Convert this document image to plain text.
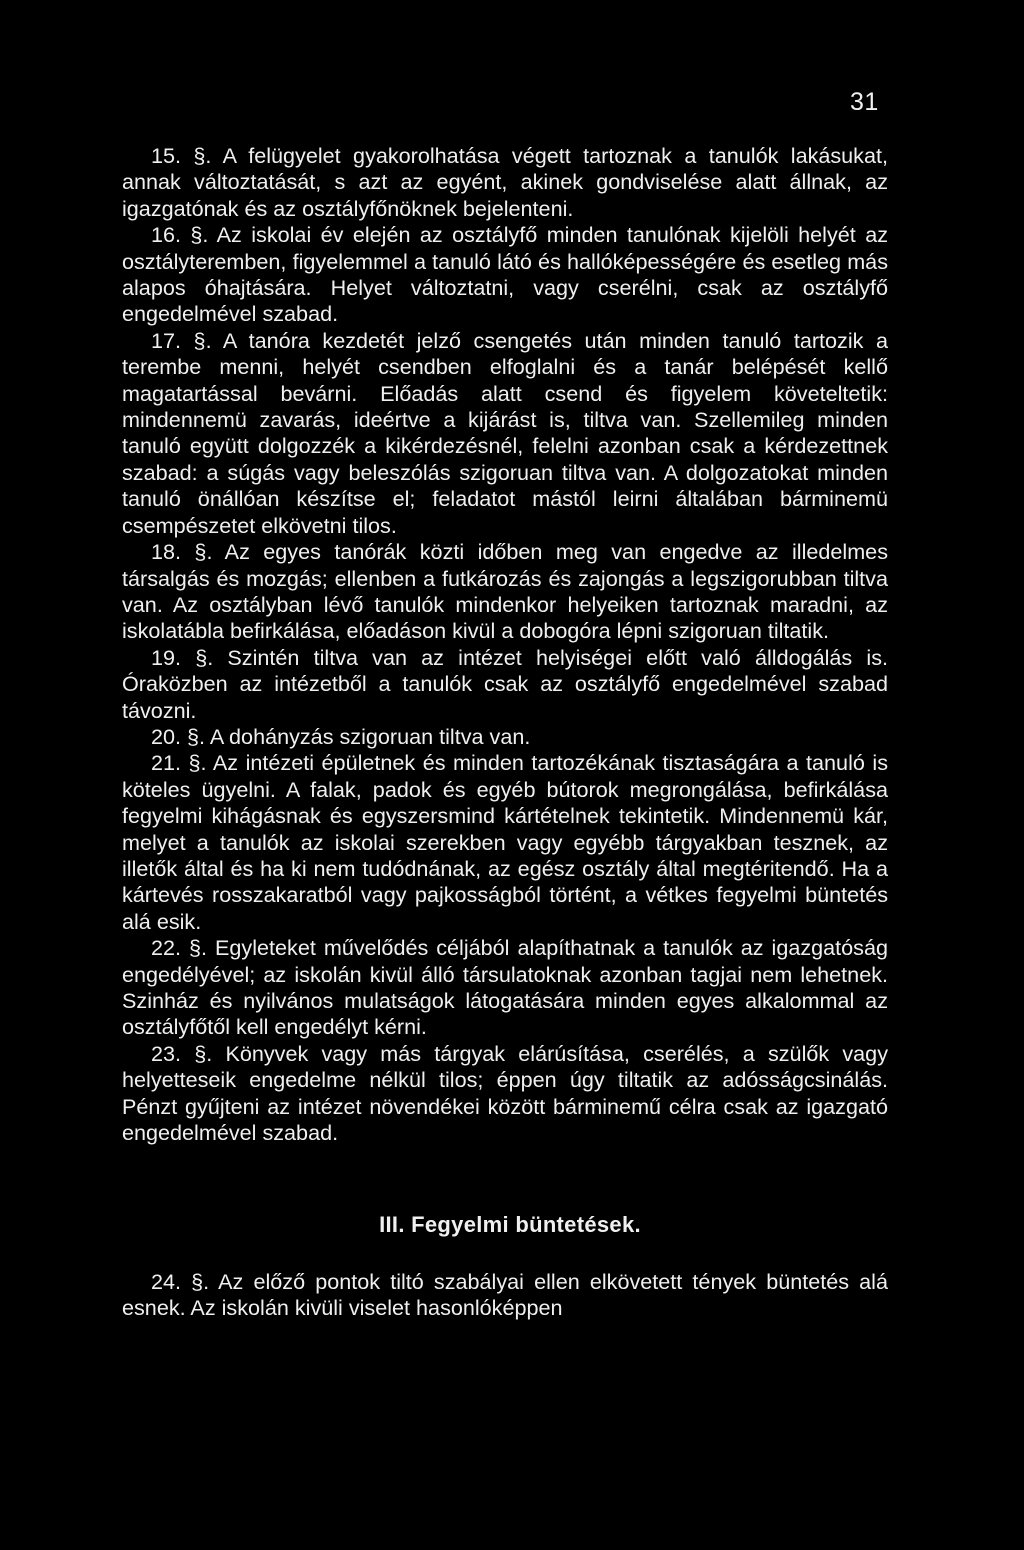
31

15. §. A felügyelet gyakorolhatása végett tartoznak a tanulók lakásukat, annak változtatását, s azt az egyént, akinek gondviselése alatt állnak, az igazgatónak és az osztályfőnöknek bejelenteni.

16. §. Az iskolai év elején az osztályfő minden tanulónak kijelöli helyét az osztályteremben, figyelemmel a tanuló látó és hallóképességére és esetleg más alapos óhajtására. Helyet változtatni, vagy cserélni, csak az osztályfő engedelmével szabad.

17. §. A tanóra kezdetét jelző csengetés után minden tanuló tartozik a terembe menni, helyét csendben elfoglalni és a tanár belépését kellő magatartással bevárni. Előadás alatt csend és figyelem követeltetik: mindennemü zavarás, ideértve a kijárást is, tiltva van. Szellemileg minden tanuló együtt dolgozzék a kikérdezésnél, felelni azonban csak a kérdezettnek szabad: a súgás vagy beleszólás szigoruan tiltva van. A dolgozatokat minden tanuló önállóan készítse el; feladatot mástól leirni általában bárminemü csempészetet elkövetni tilos.

18. §. Az egyes tanórák közti időben meg van engedve az illedelmes társalgás és mozgás; ellenben a futkározás és zajongás a legszigorubban tiltva van. Az osztályban lévő tanulók mindenkor helyeiken tartoznak maradni, az iskolatábla befirkálása, előadáson kivül a dobogóra lépni szigoruan tiltatik.

19. §. Szintén tiltva van az intézet helyiségei előtt való álldogálás is. Óraközben az intézetből a tanulók csak az osztályfő engedelmével szabad távozni.

20. §. A dohányzás szigoruan tiltva van.

21. §. Az intézeti épületnek és minden tartozékának tisztaságára a tanuló is köteles ügyelni. A falak, padok és egyéb bútorok megrongálása, befirkálása fegyelmi kihágásnak és egyszersmind kártételnek tekintetik. Mindennemü kár, melyet a tanulók az iskolai szerekben vagy egyébb tárgyakban tesznek, az illetők által és ha ki nem tudódnának, az egész osztály által megtéritendő. Ha a kártevés rosszakaratból vagy pajkosságból történt, a vétkes fegyelmi büntetés alá esik.

22. §. Egyleteket művelődés céljából alapíthatnak a tanulók az igazgatóság engedélyével; az iskolán kivül álló társulatoknak azonban tagjai nem lehetnek. Szinház és nyilvános mulatságok látogatására minden egyes alkalommal az osztályfőtől kell engedélyt kérni.

23. §. Könyvek vagy más tárgyak elárúsítása, cserélés, a szülők vagy helyetteseik engedelme nélkül tilos; éppen úgy tiltatik az adósságcsinálás. Pénzt gyűjteni az intézet növendékei között bárminemű célra csak az igazgató engedelmével szabad.

III. Fegyelmi büntetések.

24. §. Az előző pontok tiltó szabályai ellen elkövetett tények büntetés alá esnek. Az iskolán kivüli viselet hasonlóképpen
